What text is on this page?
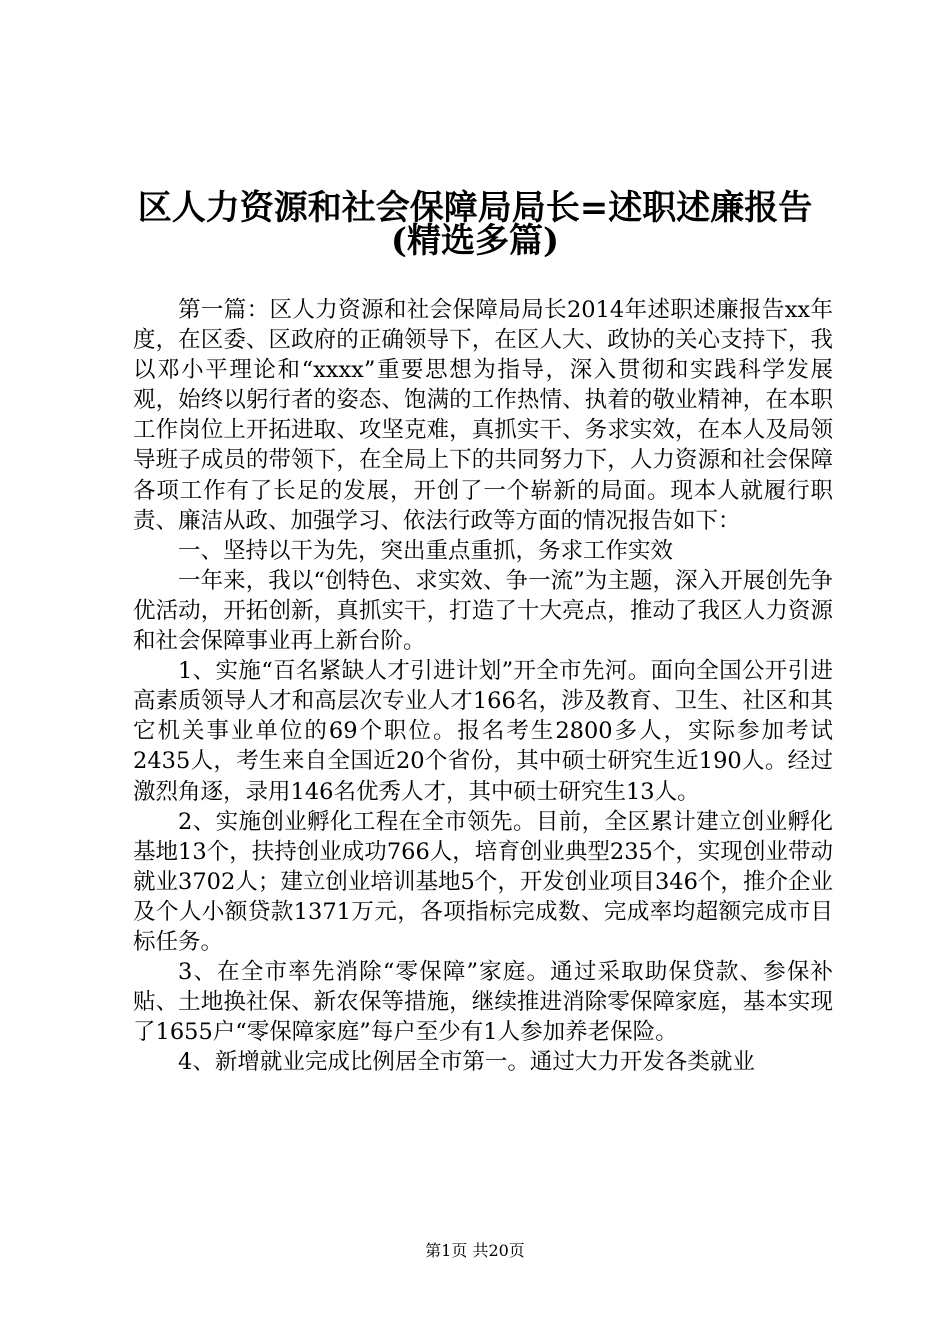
区人力资源和社会保障局局长=述职述廉报告
(精选多篇)

第一篇：区人力资源和社会保障局局长2014年述职述廉报告xx年度，在区委、区政府的正确领导下，在区人大、政协的关心支持下，我以邓小平理论和“xxxx”重要思想为指导，深入贯彻和实践科学发展观，始终以躬行者的姿态、饱满的工作热情、执着的敬业精神，在本职工作岗位上开拓进取、攻坚克难，真抓实干、务求实效，在本人及局领导班子成员的带领下，在全局上下的共同努力下，人力资源和社会保障各项工作有了长足的发展，开创了一个崭新的局面。现本人就履行职责、廉洁从政、加强学习、依法行政等方面的情况报告如下：

一、坚持以干为先，突出重点重抓，务求工作实效

一年来，我以“创特色、求实效、争一流”为主题，深入开展创先争优活动，开拓创新，真抓实干，打造了十大亮点，推动了我区人力资源和社会保障事业再上新台阶。

1、实施“百名紧缺人才引进计划”开全市先河。面向全国公开引进高素质领导人才和高层次专业人才166名，涉及教育、卫生、社区和其它机关事业单位的69个职位。报名考生2800多人，实际参加考试2435人，考生来自全国近20个省份，其中硕士研究生近190人。经过激烈角逐，录用146名优秀人才，其中硕士研究生13人。

2、实施创业孵化工程在全市领先。目前，全区累计建立创业孵化基地13个，扶持创业成功766人，培育创业典型235个，实现创业带动就业3702人；建立创业培训基地5个，开发创业项目346个，推介企业及个人小额贷款1371万元，各项指标完成数、完成率均超额完成市目标任务。

3、在全市率先消除“零保障”家庭。通过采取助保贷款、参保补贴、土地换社保、新农保等措施，继续推进消除零保障家庭，基本实现了1655户“零保障家庭”每户至少有1人参加养老保险。

4、新增就业完成比例居全市第一。通过大力开发各类就业

第1页 共20页
